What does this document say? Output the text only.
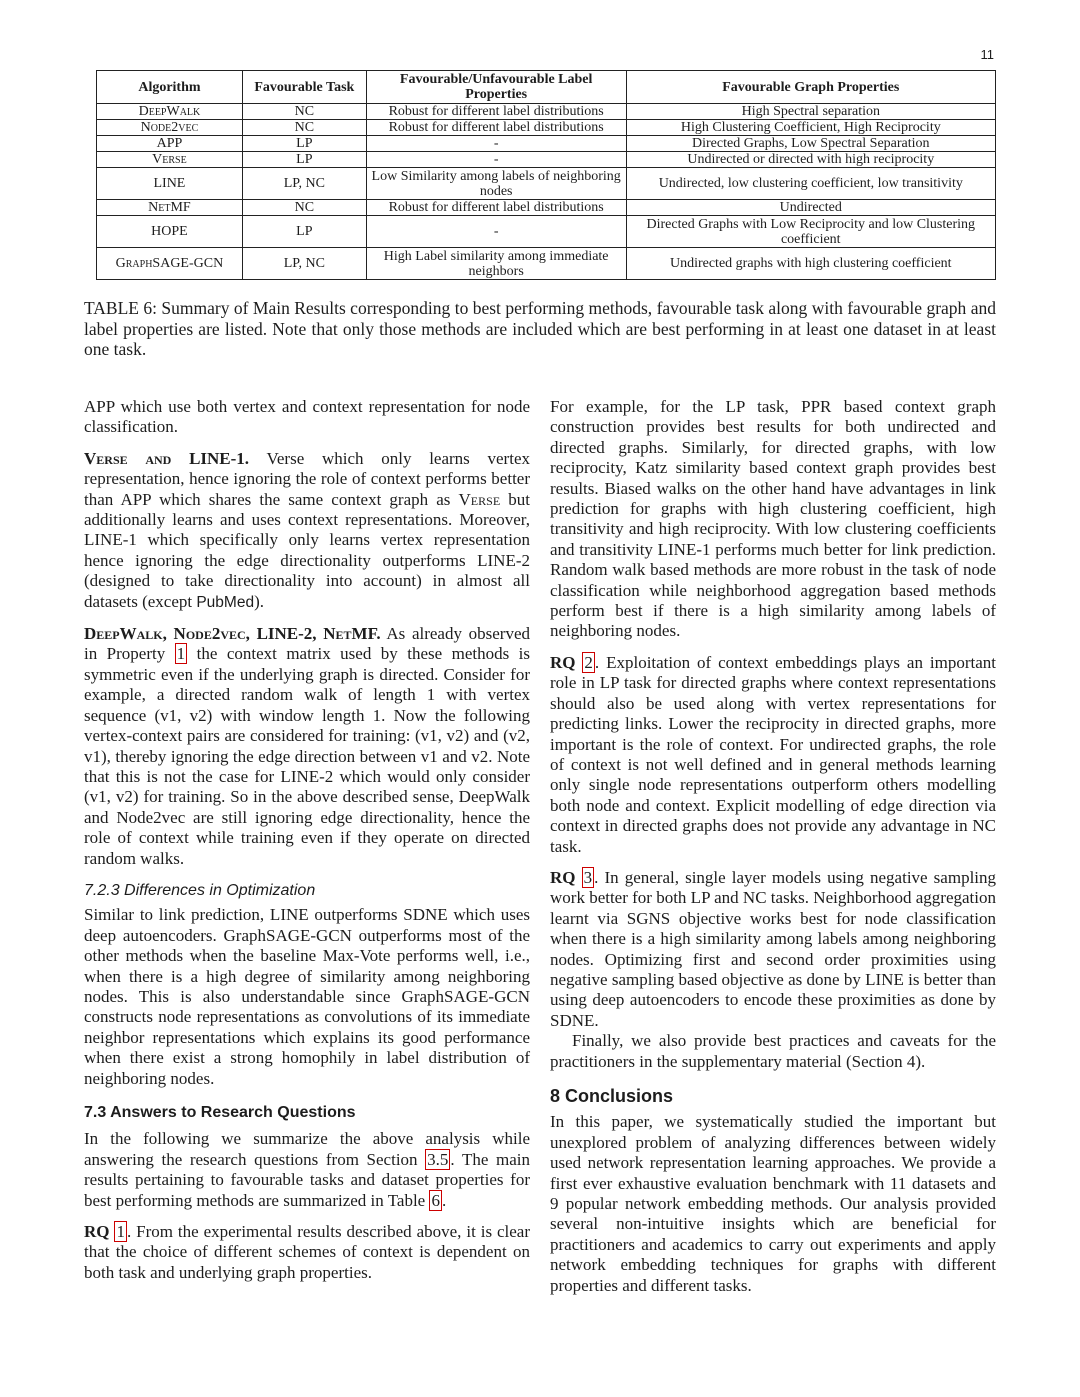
11
Algorithm	Favourable Task	Favourable/Unfavourable Label Properties	Favourable Graph Properties
DeepWalk	NC	Robust for different label distributions	High Spectral separation
Node2vec	NC	Robust for different label distributions	High Clustering Coefficient, High Reciprocity
APP	LP	-	Directed Graphs, Low Spectral Separation
Verse	LP	-	Undirected or directed with high reciprocity
LINE	LP, NC	Low Similarity among labels of neighboring nodes	Undirected, low clustering coefficient, low transitivity
NetMF	NC	Robust for different label distributions	Undirected
HOPE	LP	-	Directed Graphs with Low Reciprocity and low Clustering coefficient
GraphSAGE-GCN	LP, NC	High Label similarity among immediate neighbors	Undirected graphs with high clustering coefficient
TABLE 6: Summary of Main Results corresponding to best performing methods, favourable task along with favourable graph and label properties are listed. Note that only those methods are included which are best performing in at least one dataset in at least one task.

APP which use both vertex and context representation for node classification.

Verse and LINE-1. Verse which only learns vertex representation, hence ignoring the role of context performs better than APP which shares the same context graph as Verse but additionally learns and uses context representations. Moreover, LINE-1 which specifically only learns vertex representation hence ignoring the edge directionality outperforms LINE-2 (designed to take directionality into account) in almost all datasets (except PubMed).

DeepWalk, Node2vec, LINE-2, NetMF. As already observed in Property 1 the context matrix used by these methods is symmetric even if the underlying graph is directed. Consider for example, a directed random walk of length 1 with vertex sequence (v1, v2) with window length 1. Now the following vertex-context pairs are considered for training: (v1, v2) and (v2, v1), thereby ignoring the edge direction between v1 and v2. Note that this is not the case for LINE-2 which would only consider (v1, v2) for training. So in the above described sense, DeepWalk and Node2vec are still ignoring edge directionality, hence the role of context while training even if they operate on directed random walks.

7.2.3 Differences in Optimization

Similar to link prediction, LINE outperforms SDNE which uses deep autoencoders. GraphSAGE-GCN outperforms most of the other methods when the baseline Max-Vote performs well, i.e., when there is a high degree of similarity among neighboring nodes. This is also understandable since GraphSAGE-GCN constructs node representations as convolutions of its immediate neighbor representations which explains its good performance when there exist a strong homophily in label distribution of neighboring nodes.

7.3 Answers to Research Questions

In the following we summarize the above analysis while answering the research questions from Section 3.5 . The main results pertaining to favourable tasks and dataset properties for best performing methods are summarized in Table 6 .

RQ 1 . From the experimental results described above, it is clear that the choice of different schemes of context is dependent on both task and underlying graph properties.

For example, for the LP task, PPR based context graph construction provides best results for both undirected and directed graphs. Similarly, for directed graphs, with low reciprocity, Katz similarity based context graph provides best results. Biased walks on the other hand have advantages in link prediction for graphs with high clustering coefficient, high transitivity and high reciprocity. With low clustering coefficients and transitivity LINE-1 performs much better for link prediction. Random walk based methods are more robust in the task of node classification while neighborhood aggregation based methods perform best if there is a high similarity among labels of neighboring nodes.

RQ 2 . Exploitation of context embeddings plays an important role in LP task for directed graphs where context representations should also be used along with vertex representations for predicting links. Lower the reciprocity in directed graphs, more important is the role of context. For undirected graphs, the role of context is not well defined and in general methods learning only single node representations outperform others modelling both node and context. Explicit modelling of edge direction via context in directed graphs does not provide any advantage in NC task.

RQ 3 . In general, single layer models using negative sampling work better for both LP and NC tasks. Neighborhood aggregation learnt via SGNS objective works best for node classification when there is a high similarity among labels among neighboring nodes. Optimizing first and second order proximities using negative sampling based objective as done by LINE is better than using deep autoencoders to encode these proximities as done by SDNE.

Finally, we also provide best practices and caveats for the practitioners in the supplementary material (Section 4).

8 Conclusions

In this paper, we systematically studied the important but unexplored problem of analyzing differences between widely used network representation learning approaches. We provide a first ever exhaustive evaluation benchmark with 11 datasets and 9 popular network embedding methods. Our analysis provided several non-intuitive insights which are beneficial for practitioners and academics to carry out experiments and apply network embedding techniques for graphs with different properties and different tasks.
